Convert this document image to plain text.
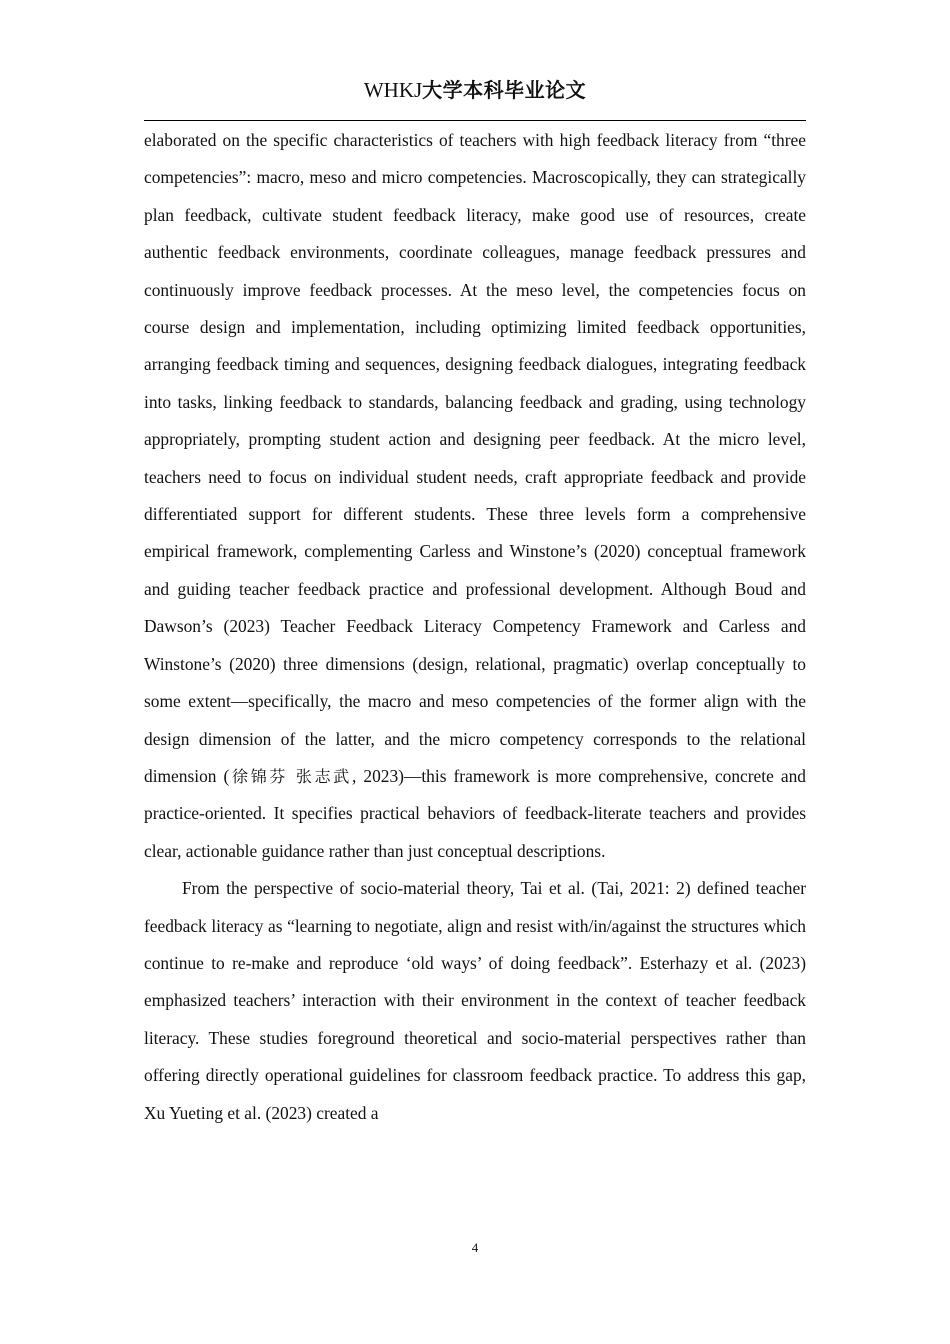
WHKJ大学本科毕业论文

elaborated on the specific characteristics of teachers with high feedback literacy from “three competencies”: macro, meso and micro competencies. Macroscopically, they can strategically plan feedback, cultivate student feedback literacy, make good use of resources, create authentic feedback environments, coordinate colleagues, manage feedback pressures and continuously improve feedback processes. At the meso level, the competencies focus on course design and implementation, including optimizing limited feedback opportunities, arranging feedback timing and sequences, designing feedback dialogues, integrating feedback into tasks, linking feedback to standards, balancing feedback and grading, using technology appropriately, prompting student action and designing peer feedback. At the micro level, teachers need to focus on individual student needs, craft appropriate feedback and provide differentiated support for different students. These three levels form a comprehensive empirical framework, complementing Carless and Winstone’s (2020) conceptual framework and guiding teacher feedback practice and professional development. Although Boud and Dawson’s (2023) Teacher Feedback Literacy Competency Framework and Carless and Winstone’s (2020) three dimensions (design, relational, pragmatic) overlap conceptually to some extent—specifically, the macro and meso competencies of the former align with the design dimension of the latter, and the micro competency corresponds to the relational dimension (徐锦芬 张志武, 2023)—this framework is more comprehensive, concrete and practice-oriented. It specifies practical behaviors of feedback-literate teachers and provides clear, actionable guidance rather than just conceptual descriptions.

From the perspective of socio-material theory, Tai et al. (Tai, 2021: 2) defined teacher feedback literacy as “learning to negotiate, align and resist with/in/against the structures which continue to re-make and reproduce ‘old ways’ of doing feedback”. Esterhazy et al. (2023) emphasized teachers’ interaction with their environment in the context of teacher feedback literacy. These studies foreground theoretical and socio-material perspectives rather than offering directly operational guidelines for classroom feedback practice. To address this gap, Xu Yueting et al. (2023) created a

4
